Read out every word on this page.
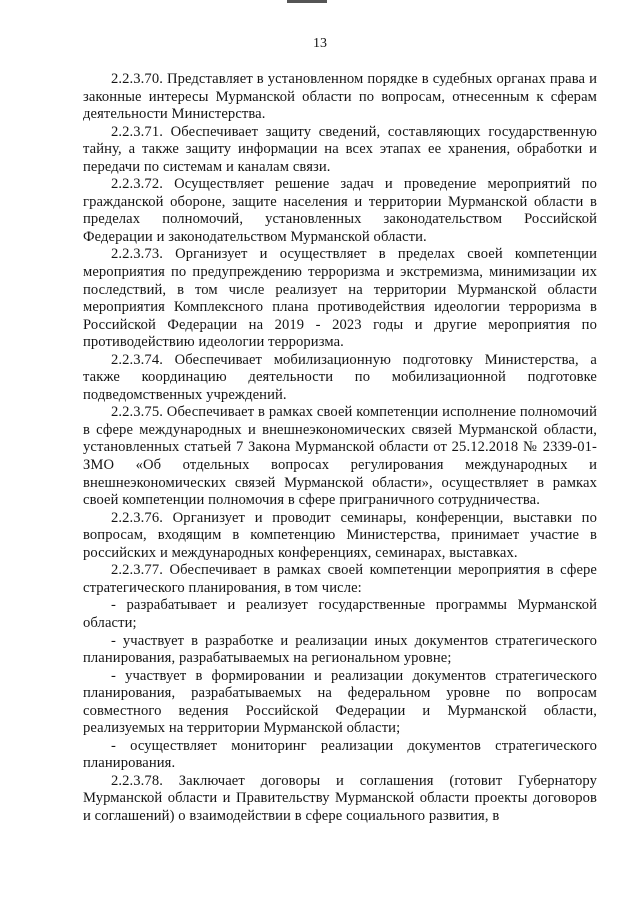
13

2.2.3.70. Представляет в установленном порядке в судебных органах права и законные интересы Мурманской области по вопросам, отнесенным к сферам деятельности Министерства.

2.2.3.71. Обеспечивает защиту сведений, составляющих государственную тайну, а также защиту информации на всех этапах ее хранения, обработки и передачи по системам и каналам связи.

2.2.3.72. Осуществляет решение задач и проведение мероприятий по гражданской обороне, защите населения и территории Мурманской области в пределах полномочий, установленных законодательством Российской Федерации и законодательством Мурманской области.

2.2.3.73. Организует и осуществляет в пределах своей компетенции мероприятия по предупреждению терроризма и экстремизма, минимизации их последствий, в том числе реализует на территории Мурманской области мероприятия Комплексного плана противодействия идеологии терроризма в Российской Федерации на 2019 - 2023 годы и другие мероприятия по противодействию идеологии терроризма.

2.2.3.74. Обеспечивает мобилизационную подготовку Министерства, а также координацию деятельности по мобилизационной подготовке подведомственных учреждений.

2.2.3.75. Обеспечивает в рамках своей компетенции исполнение полномочий в сфере международных и внешнеэкономических связей Мурманской области, установленных статьей 7 Закона Мурманской области от 25.12.2018 № 2339-01-ЗМО «Об отдельных вопросах регулирования международных и внешнеэкономических связей Мурманской области», осуществляет в рамках своей компетенции полномочия в сфере приграничного сотрудничества.

2.2.3.76. Организует и проводит семинары, конференции, выставки по вопросам, входящим в компетенцию Министерства, принимает участие в российских и международных конференциях, семинарах, выставках.

2.2.3.77. Обеспечивает в рамках своей компетенции мероприятия в сфере стратегического планирования, в том числе:

- разрабатывает и реализует государственные программы Мурманской области;

- участвует в разработке и реализации иных документов стратегического планирования, разрабатываемых на региональном уровне;

- участвует в формировании и реализации документов стратегического планирования, разрабатываемых на федеральном уровне по вопросам совместного ведения Российской Федерации и Мурманской области, реализуемых на территории Мурманской области;

- осуществляет мониторинг реализации документов стратегического планирования.

2.2.3.78. Заключает договоры и соглашения (готовит Губернатору Мурманской области и Правительству Мурманской области проекты договоров и соглашений) о взаимодействии в сфере социального развития, в
